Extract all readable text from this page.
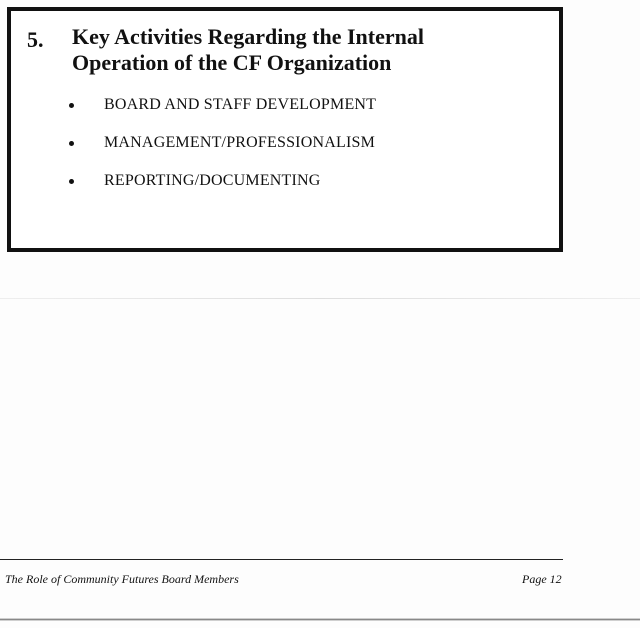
5. Key Activities Regarding the Internal
Operation of the CF Organization
BOARD AND STAFF DEVELOPMENT
MANAGEMENT/PROFESSIONALISM
REPORTING/DOCUMENTING
The Role of Community Futures Board Members	Page 12
